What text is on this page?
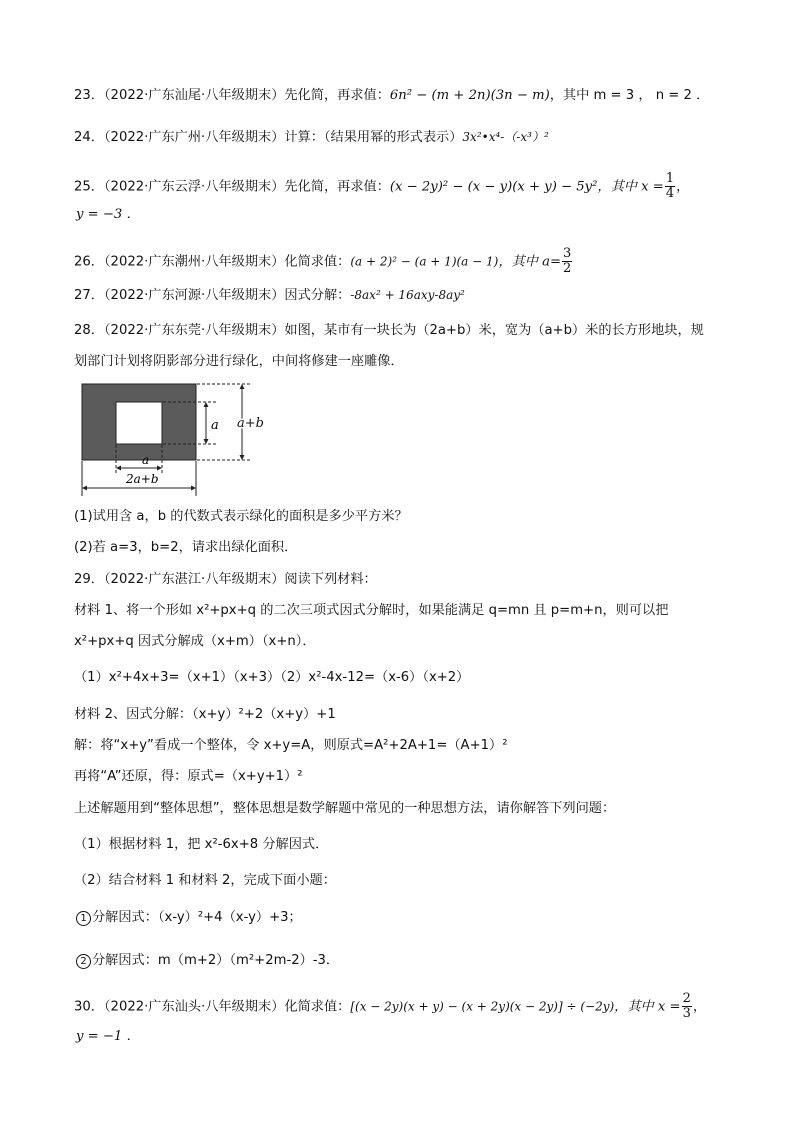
23．（2022·广东汕尾·八年级期末）先化简，再求值：6n² − (m + 2n)(3n − m)，其中 m = 3 ， n = 2 ．
24．（2022·广东广州·八年级期末）计算：（结果用幂的形式表示）3x²•x⁴-（-x³）²
25．（2022·广东云浮·八年级期末）先化简，再求值：(x − 2y)² − (x − y)(x + y) − 5y²，其中 $x = \frac{1}{4}$ ，
y = −3 ．
26．（2022·广东潮州·八年级期末）化简求值：(a + 2)² − (a + 1)(a − 1)，其中 $a= \frac{3}{2}$
27．（2022·广东河源·八年级期末）因式分解：-8ax² + 16axy-8ay²
28．（2022·广东东莞·八年级期末）如图，某市有一块长为（2a+b）米，宽为（a+b）米的长方形地块，规
划部门计划将阴影部分进行绿化，中间将修建一座雕像．
a a+b
a
2a+b
(1)试用含 a，b 的代数式表示绿化的面积是多少平方米？
(2)若 a=3，b=2，请求出绿化面积．
29．（2022·广东湛江·八年级期末）阅读下列材料：
材料 1、将一个形如 x²+px+q 的二次三项式因式分解时，如果能满足 q=mn 且 p=m+n，则可以把
x²+px+q 因式分解成（x+m）（x+n）．
（1）x²+4x+3=（x+1）（x+3）（2）x²-4x-12=（x-6）（x+2）
材料 2、因式分解：（x+y）²+2（x+y）+1
解：将“x+y”看成一个整体，令 x+y=A，则原式=A²+2A+1=（A+1）²
再将“A”还原，得：原式=（x+y+1）²
上述解题用到“整体思想”，整体思想是数学解题中常见的一种思想方法，请你解答下列问题：
（1）根据材料 1，把 x²-6x+8 分解因式．
（2）结合材料 1 和材料 2，完成下面小题：
1 分解因式：（x-y）²+4（x-y）+3；
2 分解因式：m（m+2）（m²+2m-2）-3．
30．（2022·广东汕头·八年级期末）化简求值：[(x − 2y)(x + y) − (x + 2y)(x − 2y)] ÷ (−2y)，其中 $x = \frac{2}{3}$ ，
y = −1 ．
